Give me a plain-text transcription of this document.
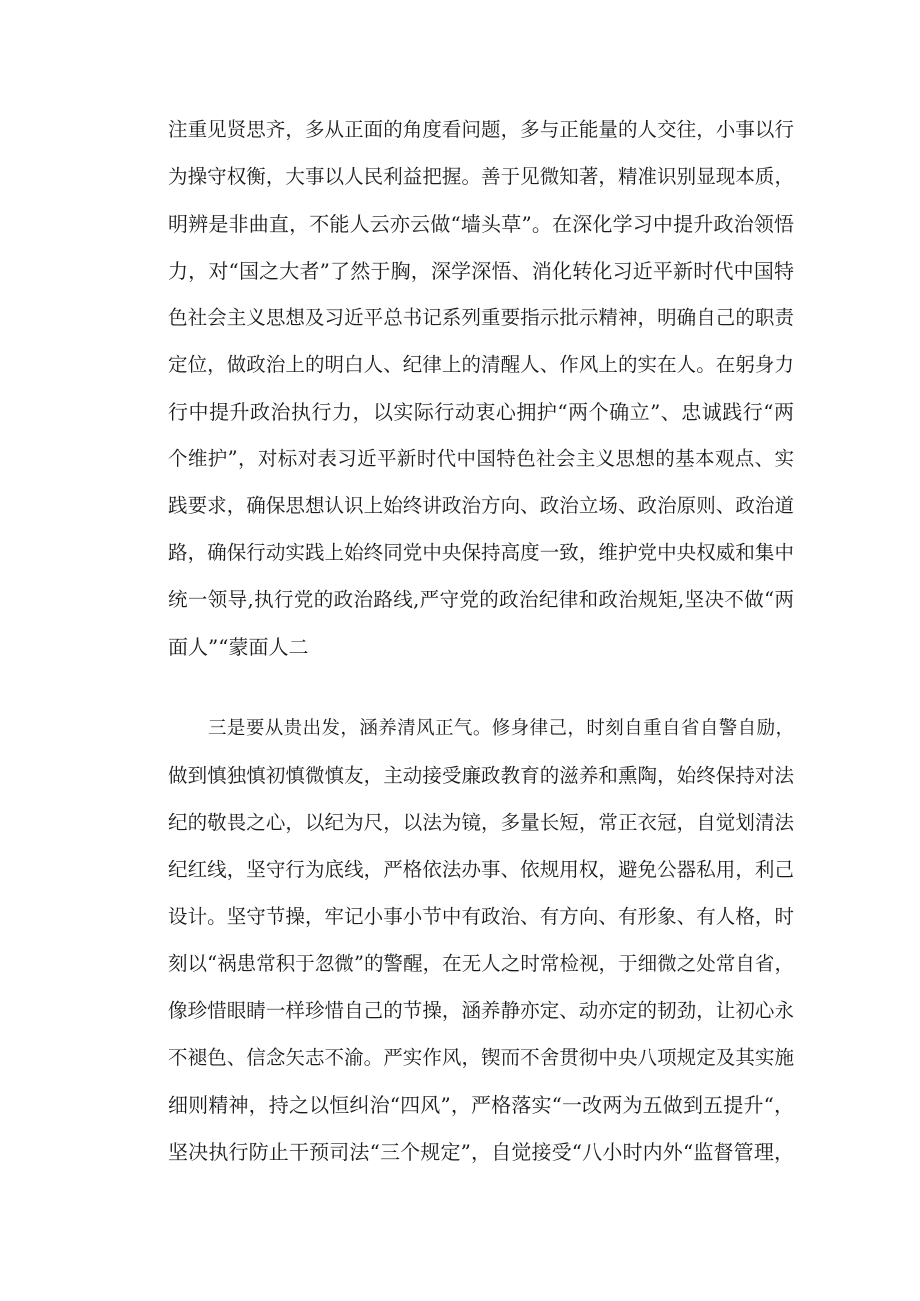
注重见贤思齐，多从正面的角度看问题，多与正能量的人交往，小事以行
为操守权衡，大事以人民利益把握。善于见微知著，精准识别显现本质，
明辨是非曲直，不能人云亦云做“墙头草”。在深化学习中提升政治领悟
力，对“国之大者”了然于胸，深学深悟、消化转化习近平新时代中国特
色社会主义思想及习近平总书记系列重要指示批示精神，明确自己的职责
定位，做政治上的明白人、纪律上的清醒人、作风上的实在人。在躬身力
行中提升政治执行力，以实际行动衷心拥护“两个确立”、忠诚践行“两
个维护”，对标对表习近平新时代中国特色社会主义思想的基本观点、实
践要求，确保思想认识上始终讲政治方向、政治立场、政治原则、政治道
路，确保行动实践上始终同党中央保持高度一致，维护党中央权威和集中
统一领导,执行党的政治路线,严守党的政治纪律和政治规矩,坚决不做“两
面人”“蒙面人二
三是要从贵出发，涵养清风正气。修身律己，时刻自重自省自警自励，
做到慎独慎初慎微慎友，主动接受廉政教育的滋养和熏陶，始终保持对法
纪的敬畏之心，以纪为尺，以法为镜，多量长短，常正衣冠，自觉划清法
纪红线，坚守行为底线，严格依法办事、依规用权，避免公器私用，利己
设计。坚守节操，牢记小事小节中有政治、有方向、有形象、有人格，时
刻以“祸患常积于忽微”的警醒，在无人之时常检视，于细微之处常自省，
像珍惜眼睛一样珍惜自己的节操，涵养静亦定、动亦定的韧劲，让初心永
不褪色、信念矢志不渝。严实作风，锲而不舍贯彻中央八项规定及其实施
细则精神，持之以恒纠治“四风”，严格落实“一改两为五做到五提升“，
坚决执行防止干预司法“三个规定”，自觉接受“八小时内外“监督管理，
